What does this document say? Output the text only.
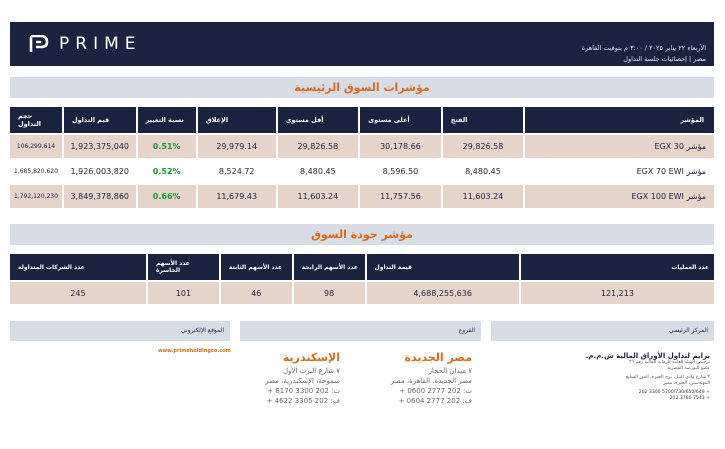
PRIME	الأربعاء ٢٢ يناير ٢٠٢٥ / ٣:٠٠ م بتوقيت القاهرة
مصر | إحصائيات جلسة التداول
مؤشرات السوق الرئيسية
المؤشر	الفتح	أعلى مستوى	أقل مستوى	الإغلاق	نسبة التغيير	قيم التداول	حجم التداول
مؤشر EGX 30	29,826.58	30,178.66	29,826.58	29,979.14	0.51%	1,923,375,040	106,299,614
مؤشر EGX 70 EWI	8,480.45	8,596.50	8,480.45	8,524.72	0.52%	1,926,003,820	1,685,820,620
مؤشر EGX 100 EWI	11,603.24	11,757.56	11,603.24	11,679.43	0.66%	3,849,378,860	1,792,120,230
مؤشر جودة السوق
عدد العمليات	قيمة التداول	عدد الأسهم الرابحة	عدد الأسهم الثابتة	عدد الأسهم الخاسرة	عدد الشركات المتداولة
121,213	4,688,255,636	98	46	101	245
المركز الرئيسي
الفروع
الموقع الإلكتروني
برايم لتداول الأوراق المالية ش.م.م.
ترخيص الهيئة العامة للرقابة المالية رقم ٢٦
عضو البورصة المصرية
٢ شارع وادي النيل، برج الجيزة، الدور السابع
المهندسين، الجيزة، مصر
202 3300 5700/730/650/649 +
202 3760 7543 +
مصر الجديدة
٧ ميدان الحجاز
مصر الجديدة، القاهرة، مصر
ت: 202 2777 0600 +
ف: 202 2777 0604 +
الإسكندرية
٧ شارع البرت الأول
سموحة، الإسكندرية، مصر
ت: 202 3300 8170 +
ف: 202 3305 4622 +
www.primeholdingco.com
